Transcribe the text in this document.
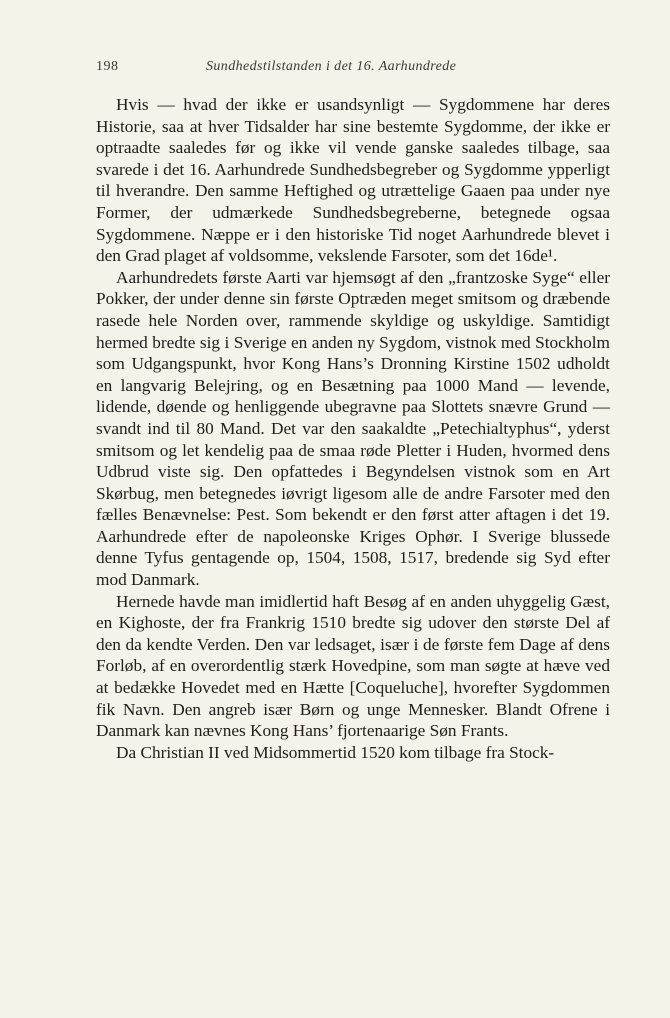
198	Sundhedstilstanden i det 16. Aarhundrede

Hvis — hvad der ikke er usandsynligt — Sygdommene har deres Historie, saa at hver Tidsalder har sine bestemte Sygdomme, der ikke er optraadte saaledes før og ikke vil vende ganske saaledes tilbage, saa svarede i det 16. Aarhundrede Sundhedsbegreber og Sygdomme ypperligt til hverandre. Den samme Heftighed og utrættelige Gaaen paa under nye Former, der udmærkede Sundhedsbegreberne, betegnede ogsaa Sygdommene. Næppe er i den historiske Tid noget Aarhundrede blevet i den Grad plaget af voldsomme, vekslende Farsoter, som det 16de¹.

Aarhundredets første Aarti var hjemsøgt af den „frantzoske Syge“ eller Pokker, der under denne sin første Optræden meget smitsom og dræbende rasede hele Norden over, rammende skyldige og uskyldige. Samtidigt hermed bredte sig i Sverige en anden ny Sygdom, vistnok med Stockholm som Udgangspunkt, hvor Kong Hans’s Dronning Kirstine 1502 udholdt en langvarig Belejring, og en Besætning paa 1000 Mand — levende, lidende, døende og henliggende ubegravne paa Slottets snævre Grund — svandt ind til 80 Mand. Det var den saakaldte „Petechialtyphus“, yderst smitsom og let kendelig paa de smaa røde Pletter i Huden, hvormed dens Udbrud viste sig. Den opfattedes i Begyndelsen vistnok som en Art Skørbug, men betegnedes iøvrigt ligesom alle de andre Farsoter med den fælles Benævnelse: Pest. Som bekendt er den først atter aftagen i det 19. Aarhundrede efter de napoleonske Kriges Ophør. I Sverige blussede denne Tyfus gentagende op, 1504, 1508, 1517, bredende sig Syd efter mod Danmark.

Hernede havde man imidlertid haft Besøg af en anden uhyggelig Gæst, en Kighoste, der fra Frankrig 1510 bredte sig udover den største Del af den da kendte Verden. Den var ledsaget, især i de første fem Dage af dens Forløb, af en overordentlig stærk Hovedpine, som man søgte at hæve ved at bedække Hovedet med en Hætte [Coqueluche], hvorefter Sygdommen fik Navn. Den angreb især Børn og unge Mennesker. Blandt Ofrene i Danmark kan nævnes Kong Hans’ fjortenaarige Søn Frants.

Da Christian II ved Midsommertid 1520 kom tilbage fra Stock-
